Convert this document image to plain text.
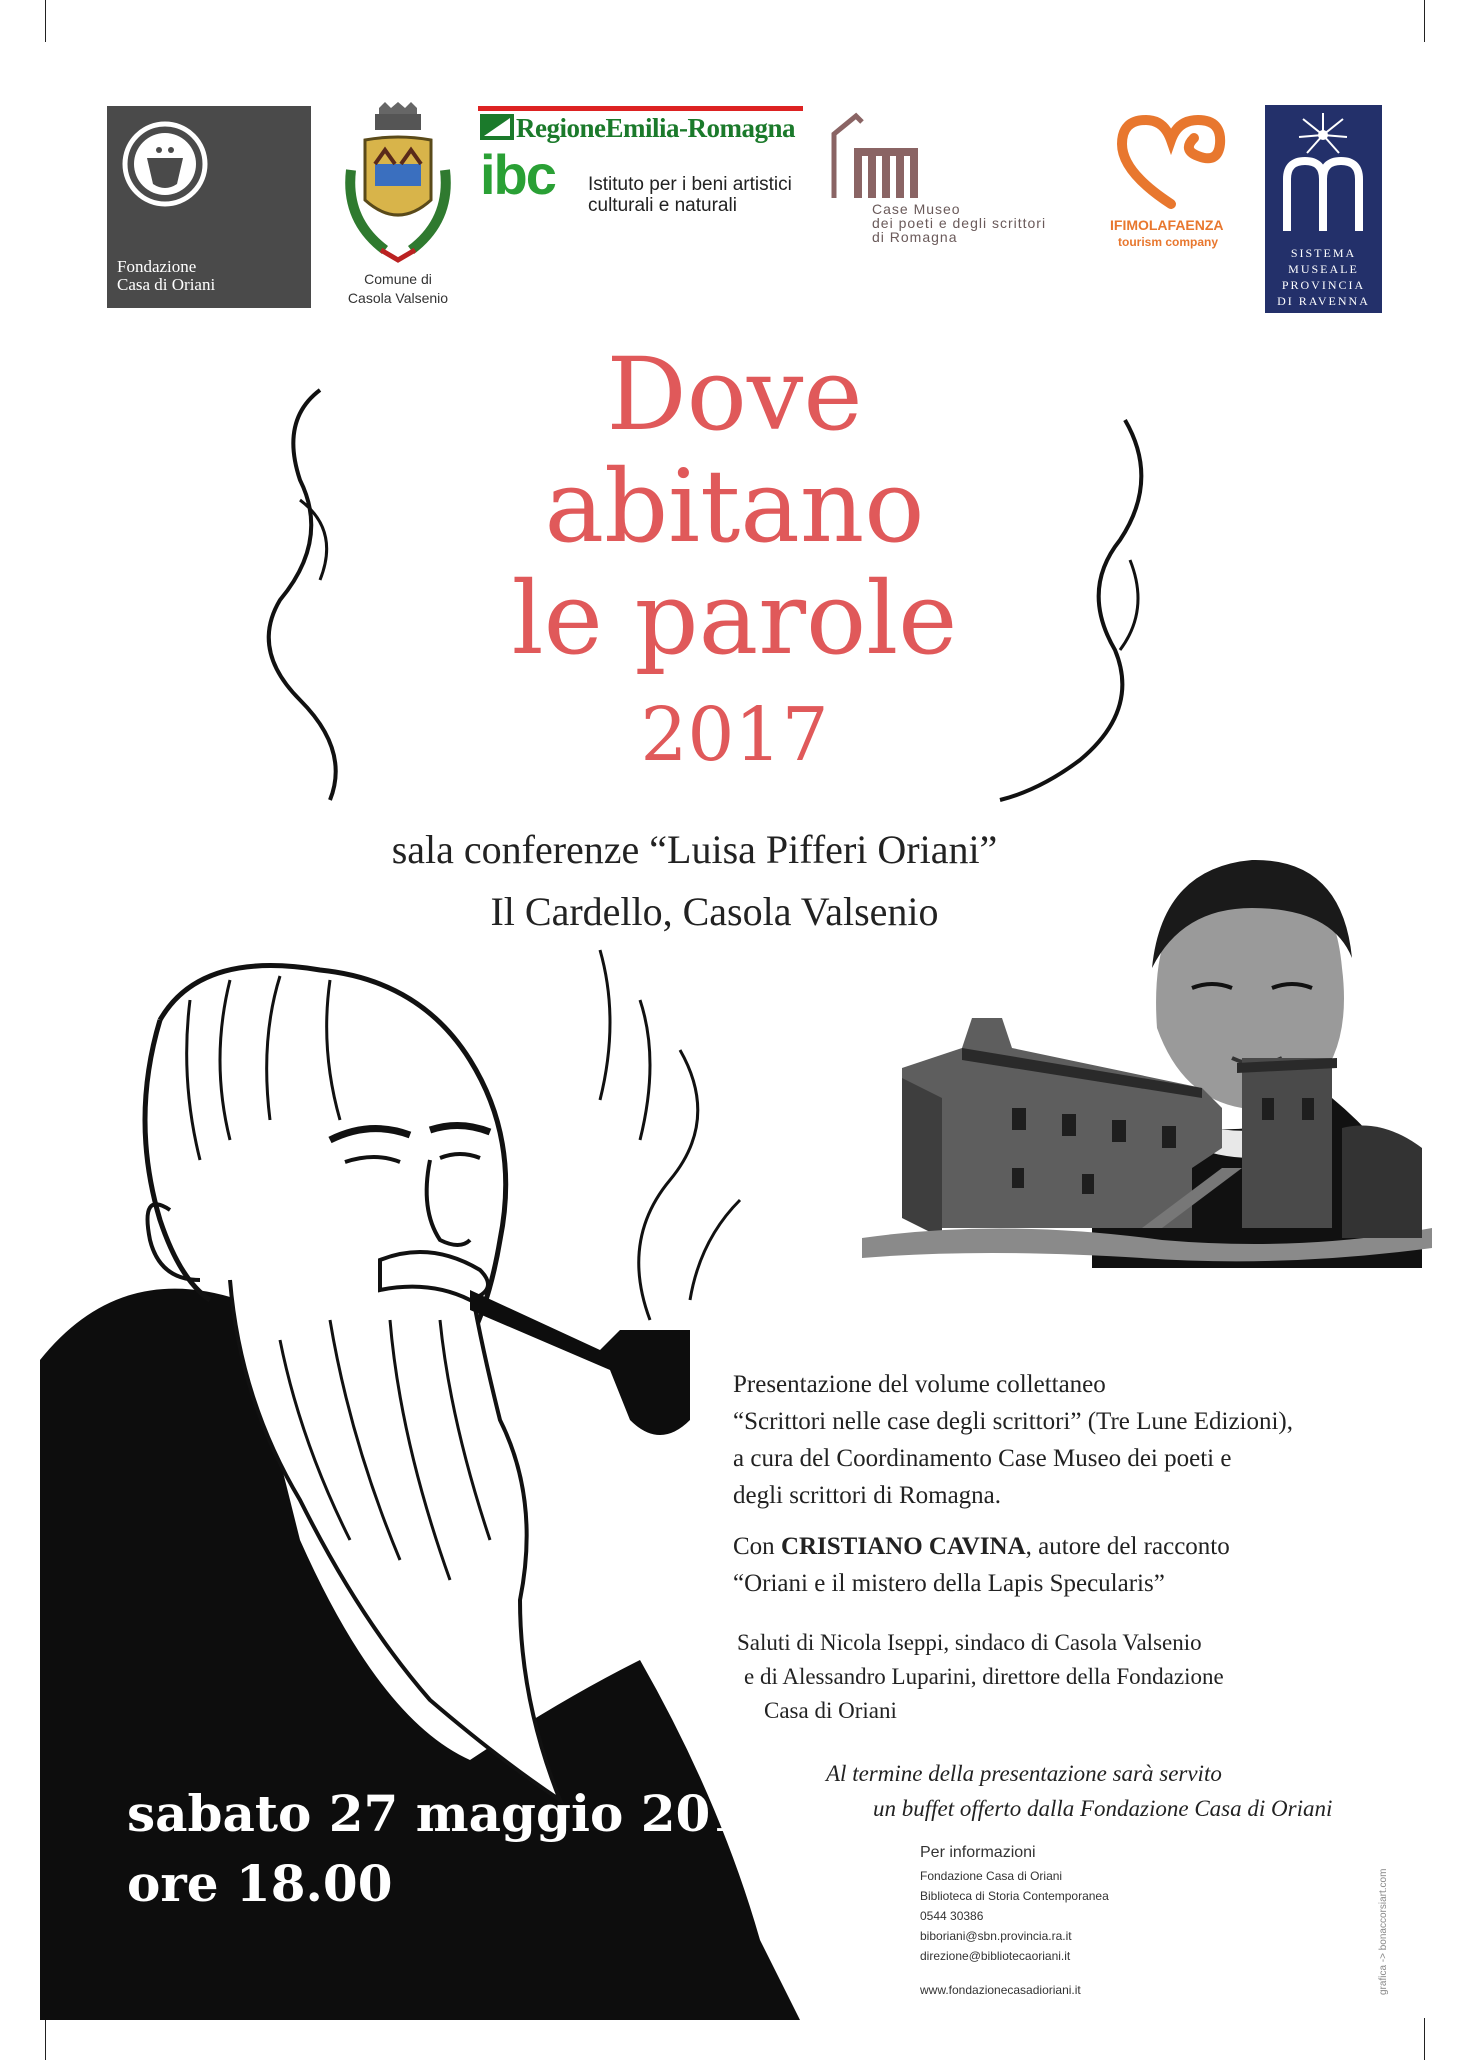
Fondazione
Casa di Oriani	Comune di
Casola Valsenio
RegioneEmilia-Romagna
ibc Istituto per i beni artistici
culturali e naturali	Case Museo
dei poeti e degli scrittori
di Romagna
IFIMOLAFAENZA
tourism company
SISTEMA
MUSEALE
PROVINCIA
DI RAVENNA
Dove
abitano
le parole
2017
sala conferenze “Luisa Pifferi Oriani”
Il Cardello, Casola Valsenio
Presentazione del volume collettaneo
“Scrittori nelle case degli scrittori” (Tre Lune Edizioni),
a cura del Coordinamento Case Museo dei poeti e
degli scrittori di Romagna.
Con CRISTIANO CAVINA, autore del racconto
“Oriani e il mistero della Lapis Specularis”
Saluti di Nicola Iseppi, sindaco di Casola Valsenio
e di Alessandro Luparini, direttore della Fondazione
Casa di Oriani
Al termine della presentazione sarà servito
un buffet offerto dalla Fondazione Casa di Oriani
sabato 27 maggio 2017
ore 18.00
Per informazioni
Fondazione Casa di Oriani
Biblioteca di Storia Contemporanea
0544 30386
biboriani@sbn.provincia.ra.it
direzione@bibliotecaoriani.it
www.fondazionecasadioriani.it	grafica -> bonaccorsiart.com
